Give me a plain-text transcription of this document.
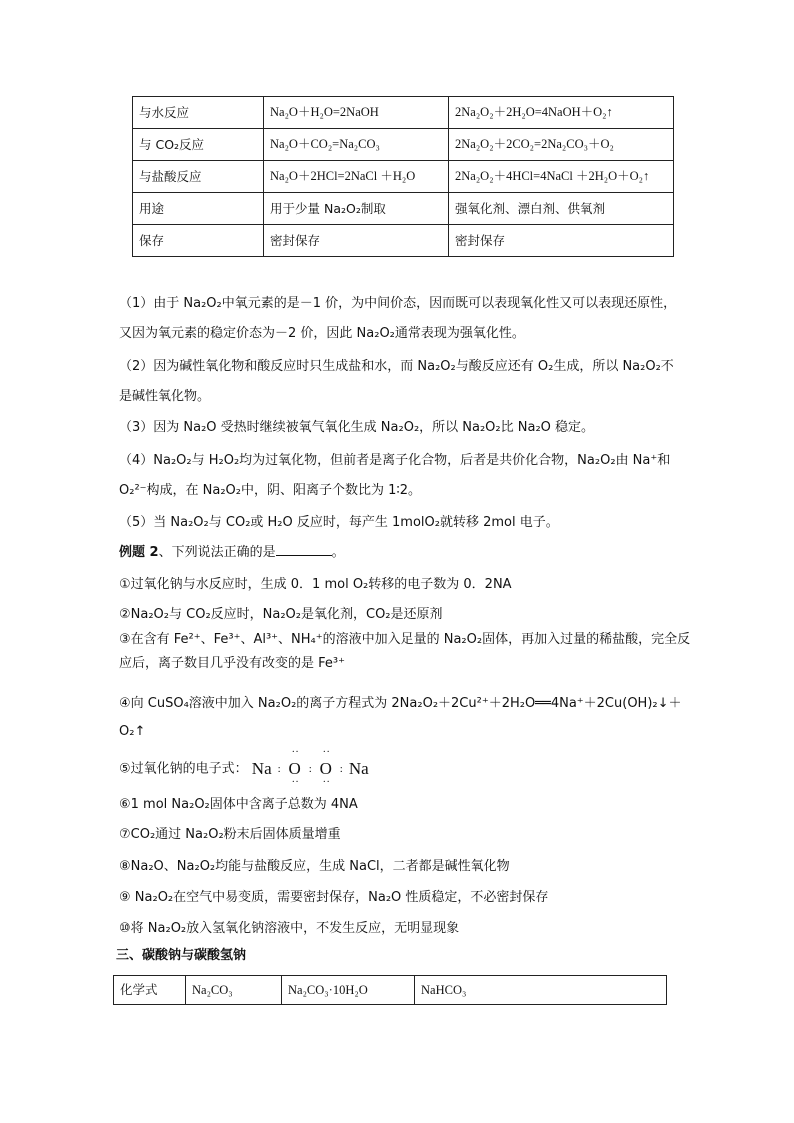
与水反应	Na₂O＋H₂O=2NaOH	2Na₂O₂＋2H₂O=4NaOH＋O₂↑
与 CO₂反应	Na₂O＋CO₂=Na₂CO₃	2Na₂O₂＋2CO₂=2Na₂CO₃＋O₂
与盐酸反应	Na₂O＋2HCl=2NaCl ＋H₂O	2Na₂O₂＋4HCl=4NaCl ＋2H₂O＋O₂↑
用途	用于少量 Na₂O₂制取	强氧化剂、漂白剂、供氧剂
保存	密封保存	密封保存
（1）由于 Na₂O₂中氧元素的是－1 价，为中间价态，因而既可以表现氧化性又可以表现还原性，又因为氧元素的稳定价态为－2 价，因此 Na₂O₂通常表现为强氧化性。
（2）因为碱性氧化物和酸反应时只生成盐和水，而 Na₂O₂与酸反应还有 O₂生成，所以 Na₂O₂不是碱性氧化物。
（3）因为 Na₂O 受热时继续被氧气氧化生成 Na₂O₂，所以 Na₂O₂比 Na₂O 稳定。
（4）Na₂O₂与 H₂O₂均为过氧化物，但前者是离子化合物，后者是共价化合物，Na₂O₂由 Na⁺和 O₂²⁻构成，在 Na₂O₂中，阴、阳离子个数比为 1∶2。
（5）当 Na₂O₂与 CO₂或 H₂O 反应时，每产生 1molO₂就转移 2mol 电子。
例题 2、下列说法正确的是	。
①过氧化钠与水反应时，生成 0．1 mol O₂转移的电子数为 0．2NA
②Na₂O₂与 CO₂反应时，Na₂O₂是氧化剂，CO₂是还原剂
③在含有 Fe²⁺、Fe³⁺、Al³⁺、NH₄⁺的溶液中加入足量的 Na₂O₂固体，再加入过量的稀盐酸，完全反应后，离子数目几乎没有改变的是 Fe³⁺
④向 CuSO₄溶液中加入 Na₂O₂的离子方程式为 2Na₂O₂＋2Cu²⁺＋2H₂O══4Na⁺＋2Cu(OH)₂↓＋O₂↑
⑤过氧化钠的电子式： Na : · · O · · : · · O · · : Na
⑥1 mol Na₂O₂固体中含离子总数为 4NA
⑦CO₂通过 Na₂O₂粉末后固体质量增重
⑧Na₂O、Na₂O₂均能与盐酸反应，生成 NaCl，二者都是碱性氧化物
⑨ Na₂O₂在空气中易变质，需要密封保存，Na₂O 性质稳定，不必密封保存
⑩将 Na₂O₂放入氢氧化钠溶液中，不发生反应，无明显现象
三、碳酸钠与碳酸氢钠
化学式	Na₂CO₃	Na₂CO₃·10H₂O	NaHCO₃
